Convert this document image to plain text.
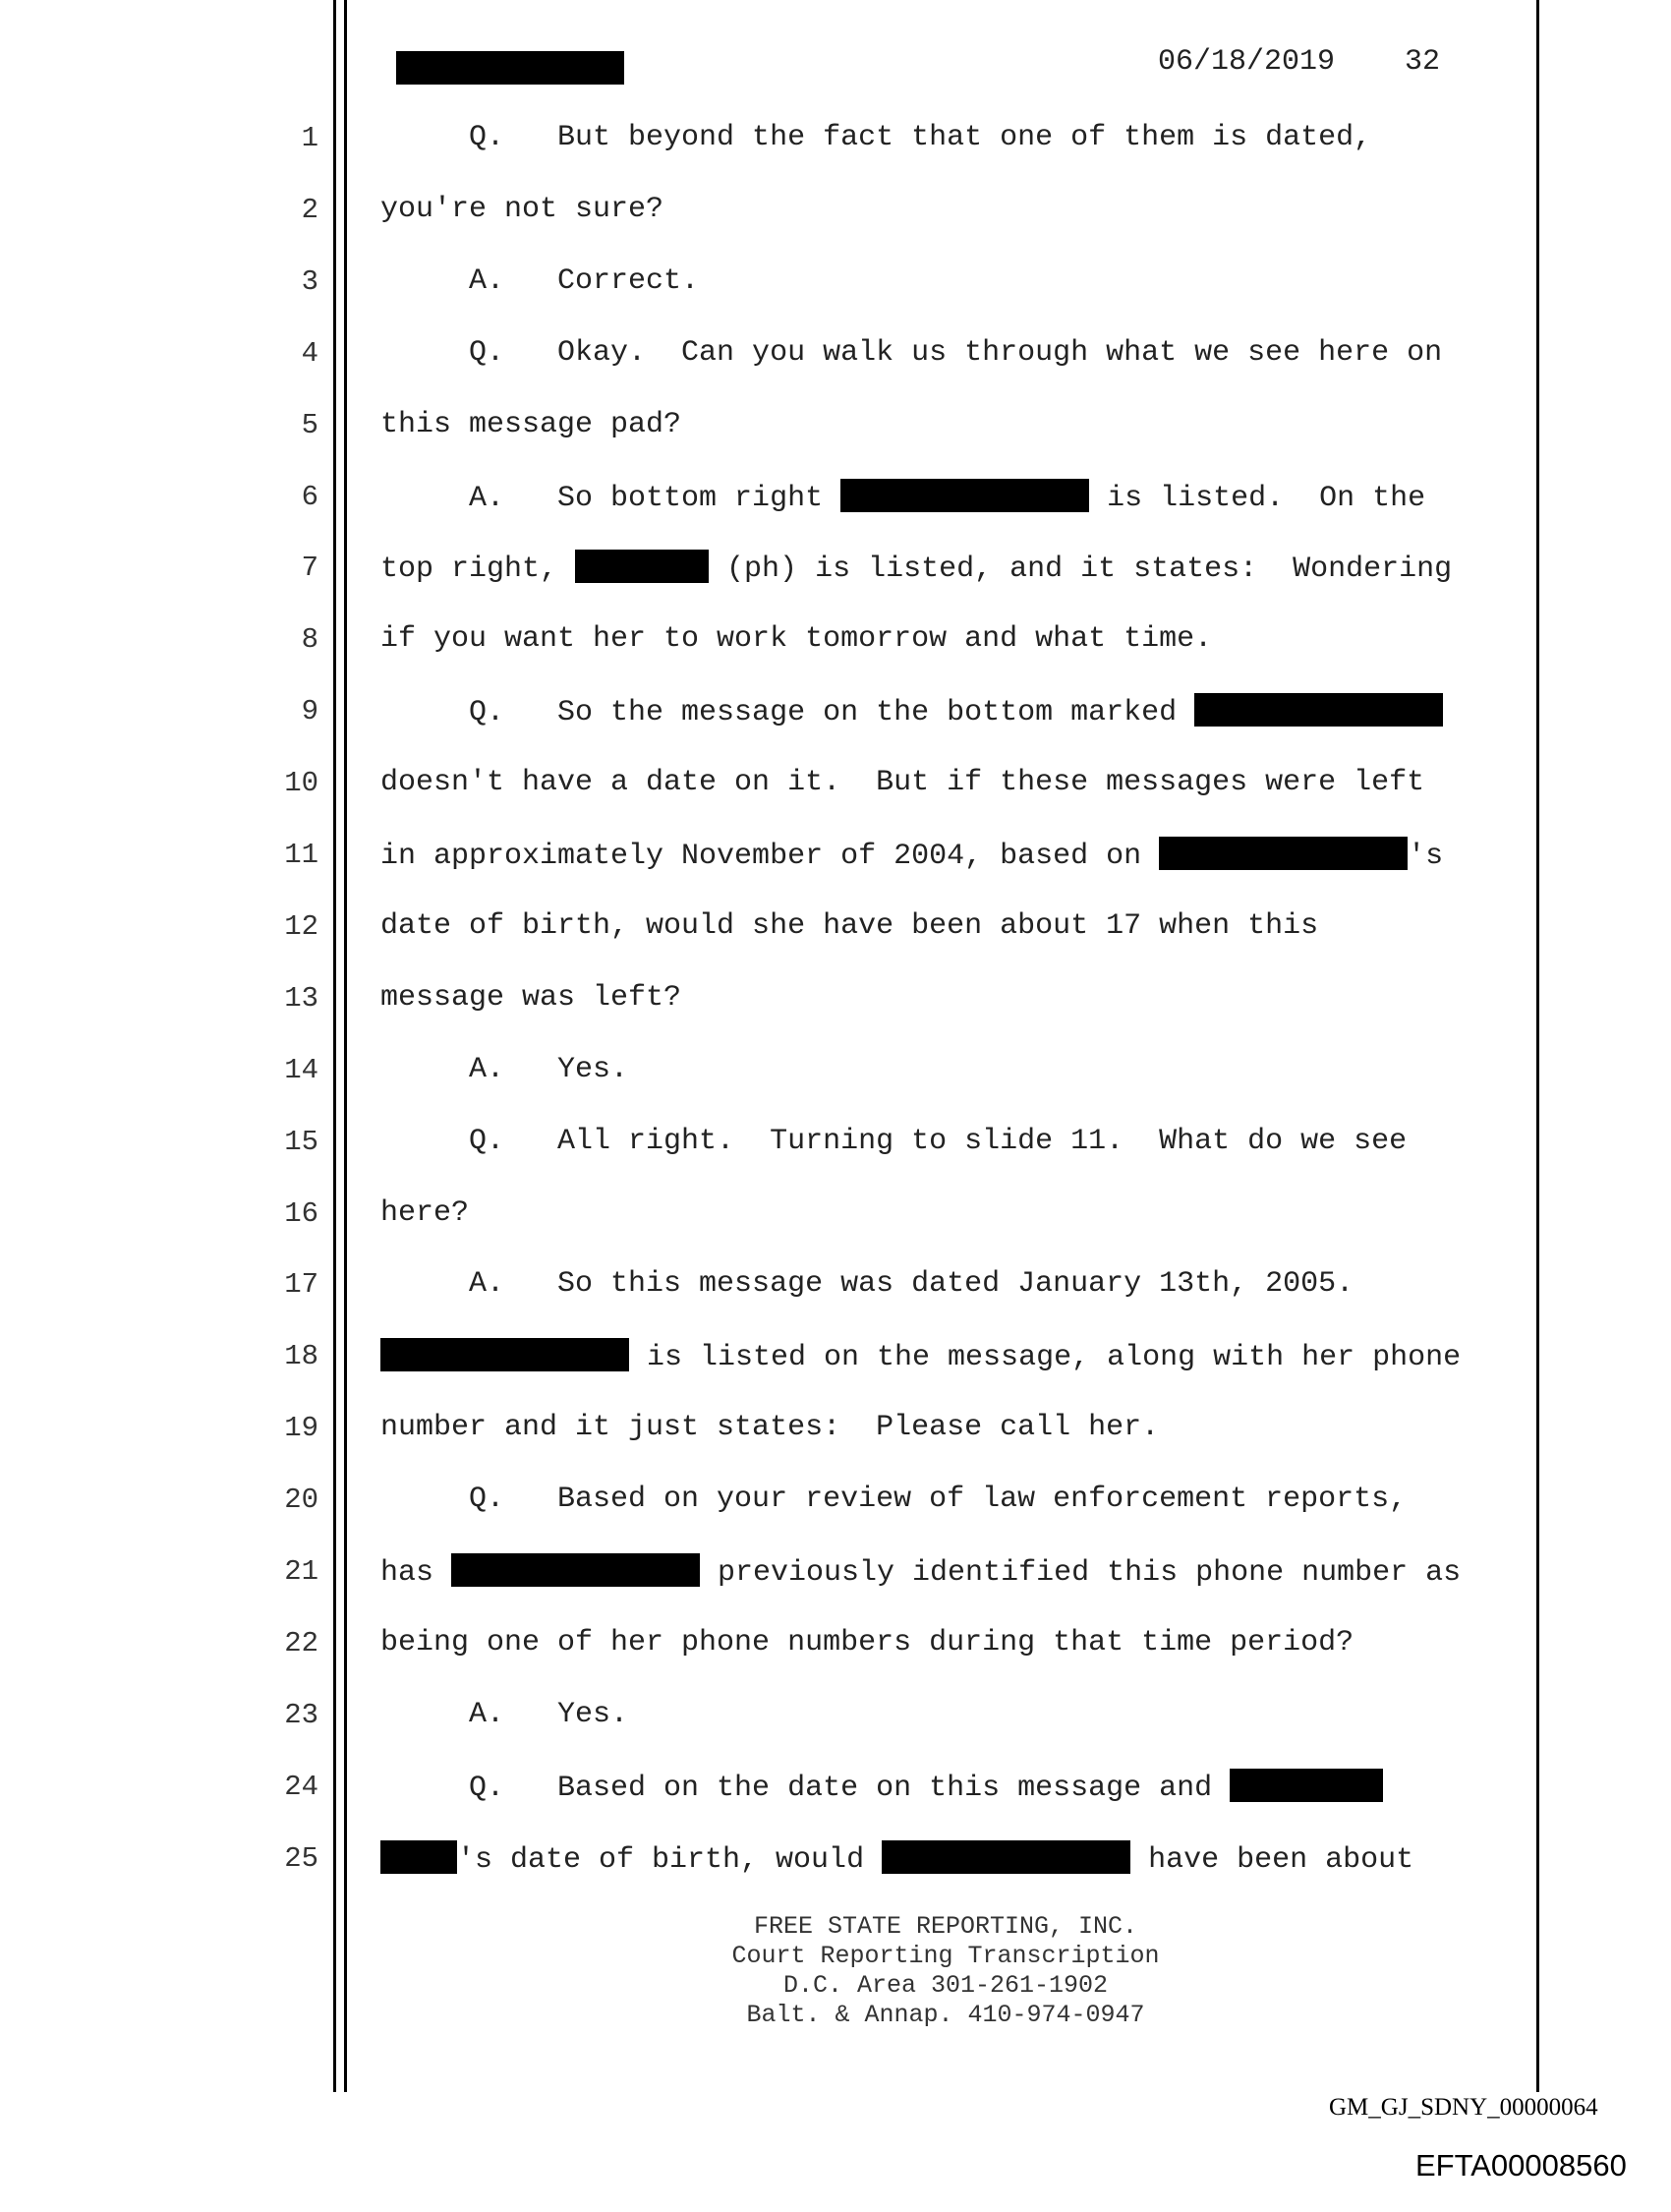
06/18/2019 32
1 Q.   But beyond the fact that one of them is dated,
2 you're not sure?
3 A.   Correct.
4 Q.   Okay.  Can you walk us through what we see here on
5 this message pad?
6 A.   So bottom right	is listed.  On the
7 top right,	(ph) is listed, and it states:  Wondering
8 if you want her to work tomorrow and what time.
9 Q.   So the message on the bottom marked
10 doesn't have a date on it.  But if these messages were left
11 in approximately November of 2004, based on	's
12 date of birth, would she have been about 17 when this
13 message was left?
14 A.   Yes.
15 Q.   All right.  Turning to slide 11.  What do we see
16 here?
17 A.   So this message was dated January 13th, 2005.
18	is listed on the message, along with her phone
19 number and it just states:  Please call her.
20 Q.   Based on your review of law enforcement reports,
21 has	previously identified this phone number as
22 being one of her phone numbers during that time period?
23 A.   Yes.
24 Q.   Based on the date on this message and
25	's date of birth, would	have been about
FREE STATE REPORTING, INC.
Court Reporting Transcription
D.C. Area 301-261-1902
Balt. & Annap. 410-974-0947
GM_GJ_SDNY_00000064
EFTA00008560
